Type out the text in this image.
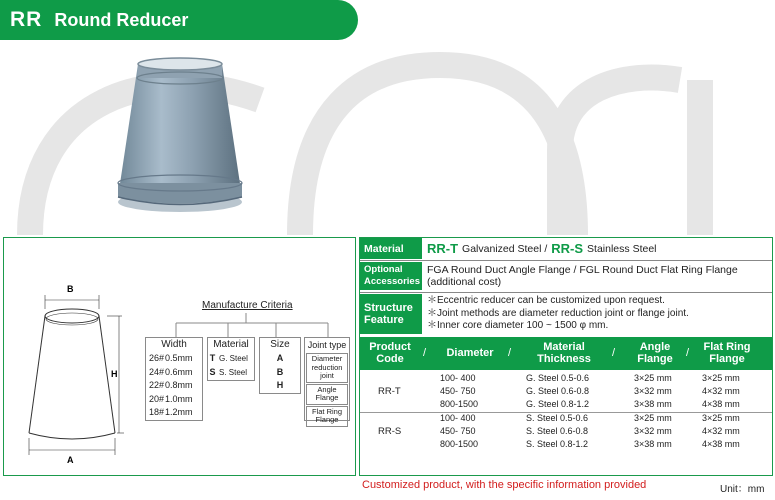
RR Round Reducer
B
H
A
Manufacture Criteria
Width
26# 0.5mm
24# 0.6mm
22# 0.8mm
20# 1.0mm
18# 1.2mm
Material
T G. Steel
S S. Steel
Size
A
B
H
Joint type
Diameter reduction joint
Angle Flange
Flat Ring Flange
Material	RR-T Galvanized Steel / RR-S Stainless Steel
Optional Accessories
FGA Round Duct Angle Flange / FGL Round Duct Flat Ring Flange
(additional cost)
Structure Feature
＊Eccentric reducer can be customized upon request.
＊Joint methods are diameter reduction joint or flange joint.
＊Inner core diameter 100 ~ 1500 φ mm.
Product Code	/	Diameter	/	Material Thickness	/	Angle Flange	/	Flat Ring Flange
RR-T
100- 400	G. Steel 0.5-0.6	3×25 mm	3×25 mm
450- 750	G. Steel 0.6-0.8	3×32 mm	4×32 mm
800-1500	G. Steel 0.8-1.2	3×38 mm	4×38 mm
RR-S
100- 400	S. Steel 0.5-0.6	3×25 mm	3×25 mm
450- 750	S. Steel 0.6-0.8	3×32 mm	4×32 mm
800-1500	S. Steel 0.8-1.2	3×38 mm	4×38 mm
Customized product, with the specific information provided	Unit：mm
